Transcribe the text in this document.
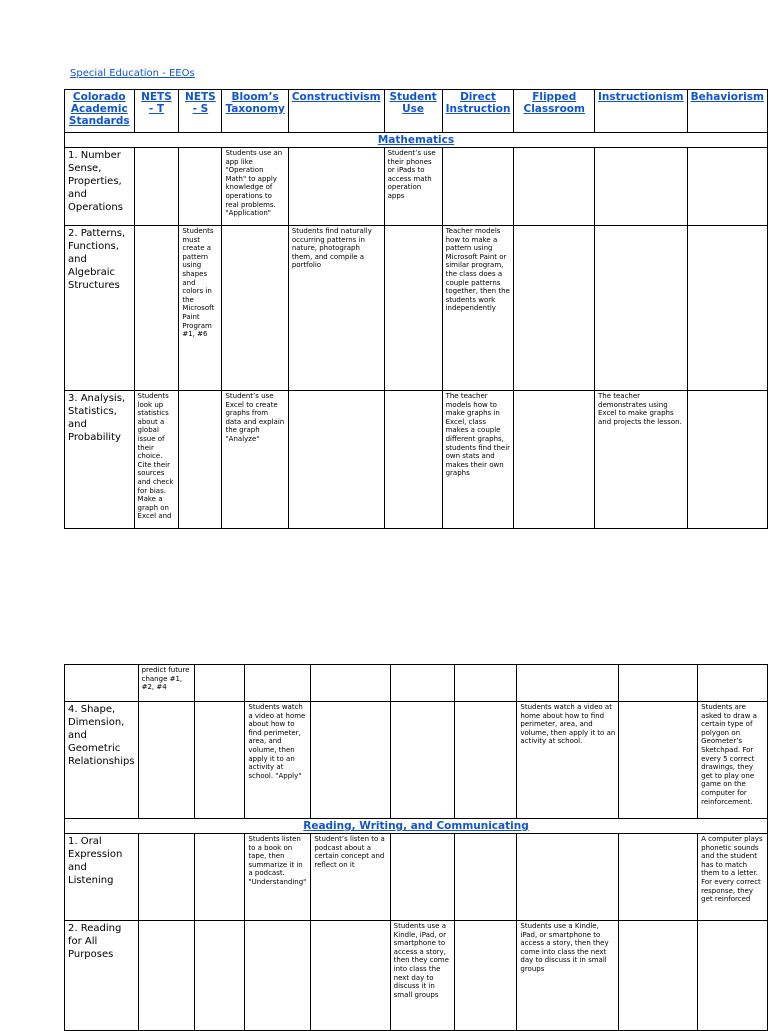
Special Education - EEOs
Colorado Academic Standards	NETS - T	NETS - S	Bloom’s Taxonomy	Constructivism	Student Use	Direct Instruction	Flipped Classroom	Instructionism	Behaviorism
Mathematics									
1. Number Sense, Properties, and Operations			Students use an app like "Operation Math" to apply knowledge of operations to real problems. "Application"		Student’s use their phones or iPads to access math operation apps				
2. Patterns, Functions, and Algebraic Structures		Students must create a pattern using shapes and colors in the Microsoft Paint Program #1, #6		Students find naturally occurring patterns in nature, photograph them, and compile a portfolio		Teacher models how to make a pattern using Microsoft Paint or similar program, the class does a couple patterns together, then the students work independently			
3. Analysis, Statistics, and Probability	Students look up statistics about a global issue of their choice. Cite their sources and check for bias. Make a graph on Excel and		Student’s use Excel to create graphs from data and explain the graph "Analyze"			The teacher models how to make graphs in Excel, class makes a couple different graphs, students find their own stats and makes their own graphs		The teacher demonstrates using Excel to make graphs and projects the lesson.	
	predict future change #1, #2, #4								
4. Shape, Dimension, and Geometric Relationships			Students watch a video at home about how to find perimeter, area, and volume, then apply it to an activity at school. "Apply"				Students watch a video at home about how to find perimeter, area, and volume, then apply it to an activity at school.		Students are asked to draw a certain type of polygon on Geometer’s Sketchpad. For every 5 correct drawings, they get to play one game on the computer for reinforcement.
Reading, Writing, and Communicating									
1. Oral Expression and Listening			Students listen to a book on tape, then summarize it in a podcast. "Understanding"	Student’s listen to a podcast about a certain concept and reflect on it					A computer plays phonetic sounds and the student has to match them to a letter. For every correct response, they get reinforced
2. Reading for All Purposes					Students use a Kindle, iPad, or smartphone to access a story, then they come into class the next day to discuss it in small groups		Students use a Kindle, iPad, or smartphone to access a story, then they come into class the next day to discuss it in small groups		
